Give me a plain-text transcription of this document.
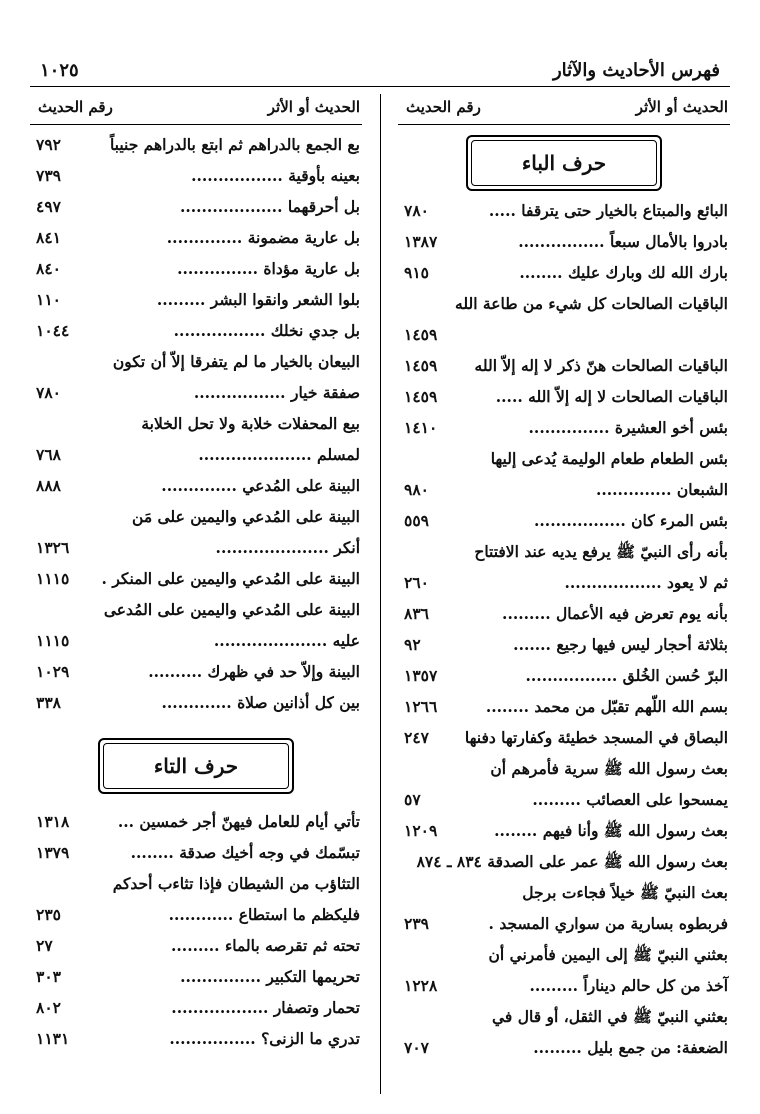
فهرس الأحاديث والآثار
١٠٢٥
الحديث أو الأثر
رقم الحديث
حرف الباء
البائع والمبتاع بالخيار حتى يترقفا .....
٧٨٠
بادروا بالأمال سبعاً ................
١٣٨٧
بارك الله لك وبارك عليك ........
٩١٥
الباقيات الصالحات كل شيء من طاعة الله
١٤٥٩
الباقيات الصالحات هنّ ذكر لا إله إلاّ الله
١٤٥٩
الباقيات الصالحات لا إله إلاّ الله .....
١٤٥٩
بئس أخو العشيرة ...............
١٤١٠
بئس الطعام طعام الوليمة يُدعى إليها
الشبعان ..............
٩٨٠
بئس المرء كان .................
٥٥٩
بأنه رأى النبيّ ﷺ يرفع يديه عند الافتتاح
ثم لا يعود ..................
٢٦٠
بأنه يوم تعرض فيه الأعمال .........
٨٣٦
بثلاثة أحجار ليس فيها رجيع .......
٩٢
البرّ حُسن الخُلق .................
١٣٥٧
بسم الله اللّهم تقبّل من محمد ........
١٢٦٦
البصاق في المسجد خطيئة وكفارتها دفنها
٢٤٧
بعث رسول الله ﷺ سرية فأمرهم أن
يمسحوا على العصائب .........
٥٧
بعث رسول الله ﷺ وأنا فيهم ........
١٢٠٩
بعث رسول الله ﷺ عمر على الصدقة ٨٣٤ ـ ٨٧٤
بعث النبيّ ﷺ خيلاً فجاءت برجل
فربطوه بسارية من سواري المسجد .
٢٣٩
بعثني النبيّ ﷺ إلى اليمين فأمرني أن
آخذ من كل حالم ديناراً .........
١٢٢٨
بعثني النبيّ ﷺ في الثقل، أو قال في
الضعفة: من جمع بليل .........
٧٠٧
الحديث أو الأثر
رقم الحديث
بع الجمع بالدراهم ثم ابتع بالدراهم جنيباً
٧٩٢
بعينه بأوقية .................
٧٣٩
بل أحرقهما ...................
٤٩٧
بل عارية مضمونة ..............
٨٤١
بل عارية مؤداة ...............
٨٤٠
بلوا الشعر وانقوا البشر .........
١١٠
بل جدي نخلك .................
١٠٤٤
البيعان بالخيار ما لم يتفرقا إلاّ أن تكون
صفقة خيار .................
٧٨٠
بيع المحفلات خلابة ولا تحل الخلابة
لمسلم .....................
٧٦٨
البينة على المُدعي ..............
٨٨٨
البينة على المُدعي واليمين على مَن
أنكر .....................
١٣٢٦
البينة على المُدعي واليمين على المنكر .
١١١٥
البينة على المُدعي واليمين على المُدعى
عليه .....................
١١١٥
البينة وإلاّ حد في ظهرك ..........
١٠٢٩
بين كل أذانين صلاة .............
٣٣٨
حرف التاء
تأتي أيام للعامل فيهنّ أجر خمسين ...
١٣١٨
تبسّمك في وجه أخيك صدقة ........
١٣٧٩
التثاؤب من الشيطان فإذا تثاءب أحدكم
فليكظم ما استطاع ............
٢٣٥
تحته ثم تقرصه بالماء .........
٢٧
تحريمها التكبير ...............
٣٠٣
تحمار وتصفار ..................
٨٠٢
تدري ما الزنى؟ ................
١١٣١
